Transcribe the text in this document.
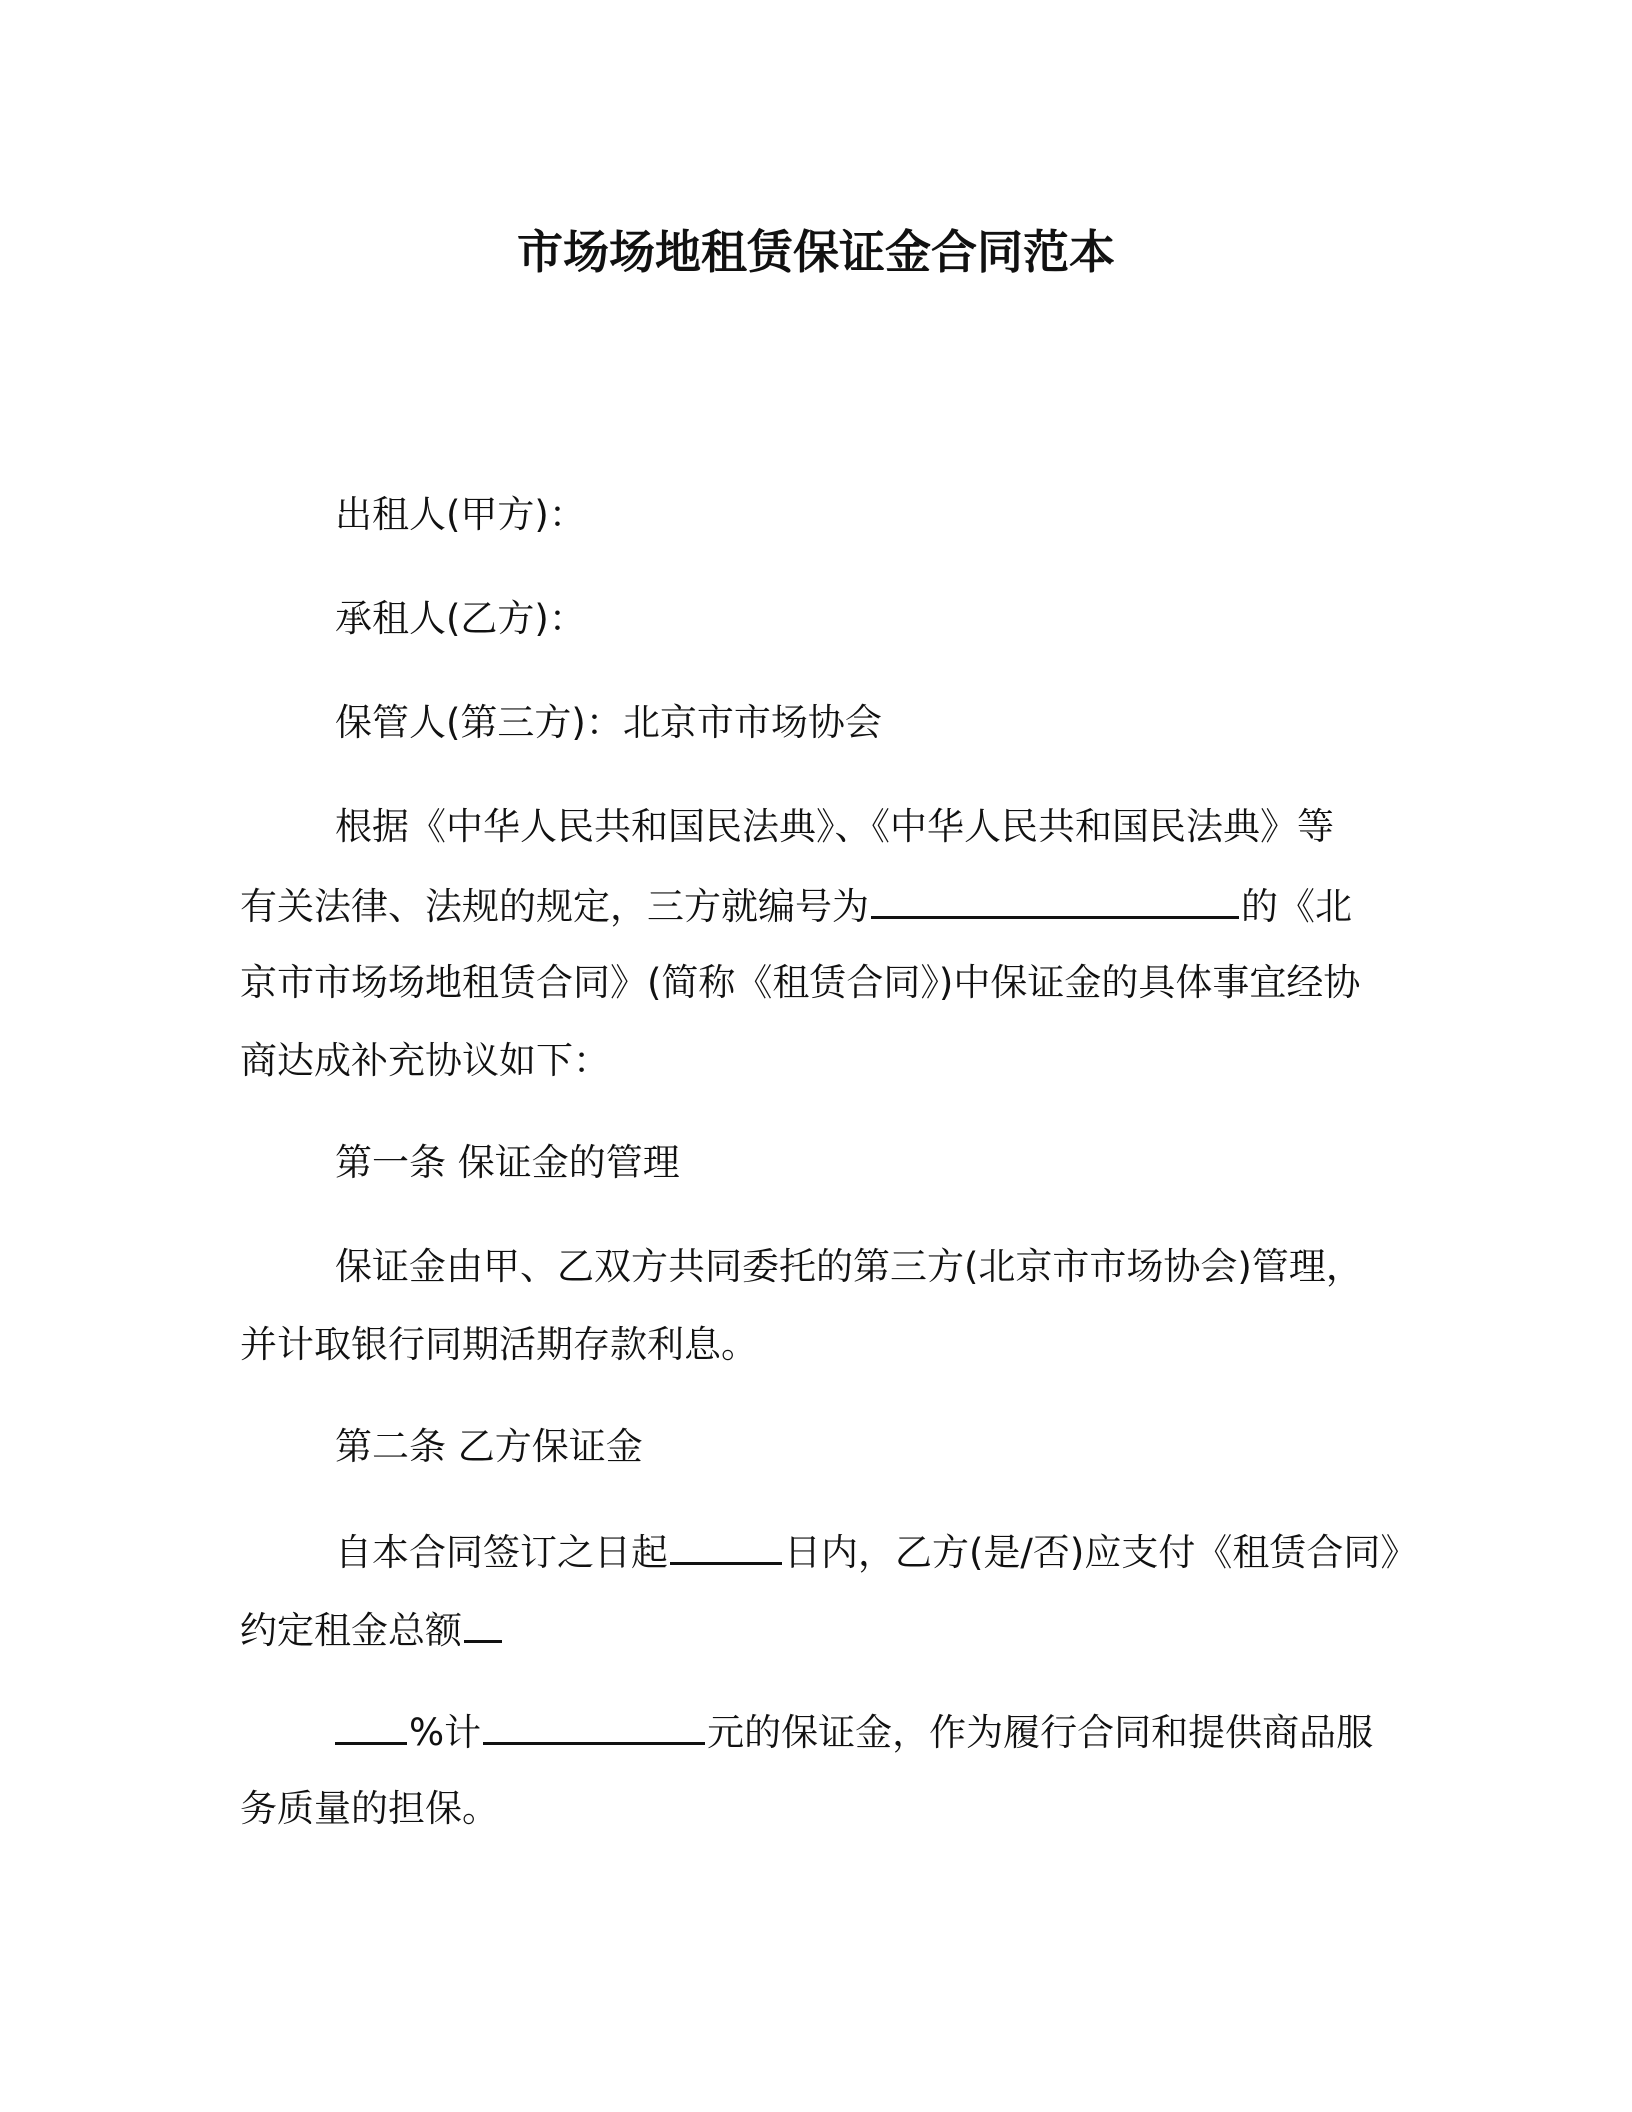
市场场地租赁保证金合同范本
出租人(甲方)：
承租人(乙方)：
保管人(第三方)：北京市市场协会
根据《中华人民共和国民法典》、《中华人民共和国民法典》等
有关法律、法规的规定，三方就编号为	的《北
京市市场场地租赁合同》(简称《租赁合同》)中保证金的具体事宜经协
商达成补充协议如下：
第一条 保证金的管理
保证金由甲、乙双方共同委托的第三方(北京市市场协会)管理，
并计取银行同期活期存款利息。
第二条 乙方保证金
自本合同签订之日起	日内，乙方(是/否)应支付《租赁合同》
约定租金总额
%计	元的保证金，作为履行合同和提供商品服
务质量的担保。
